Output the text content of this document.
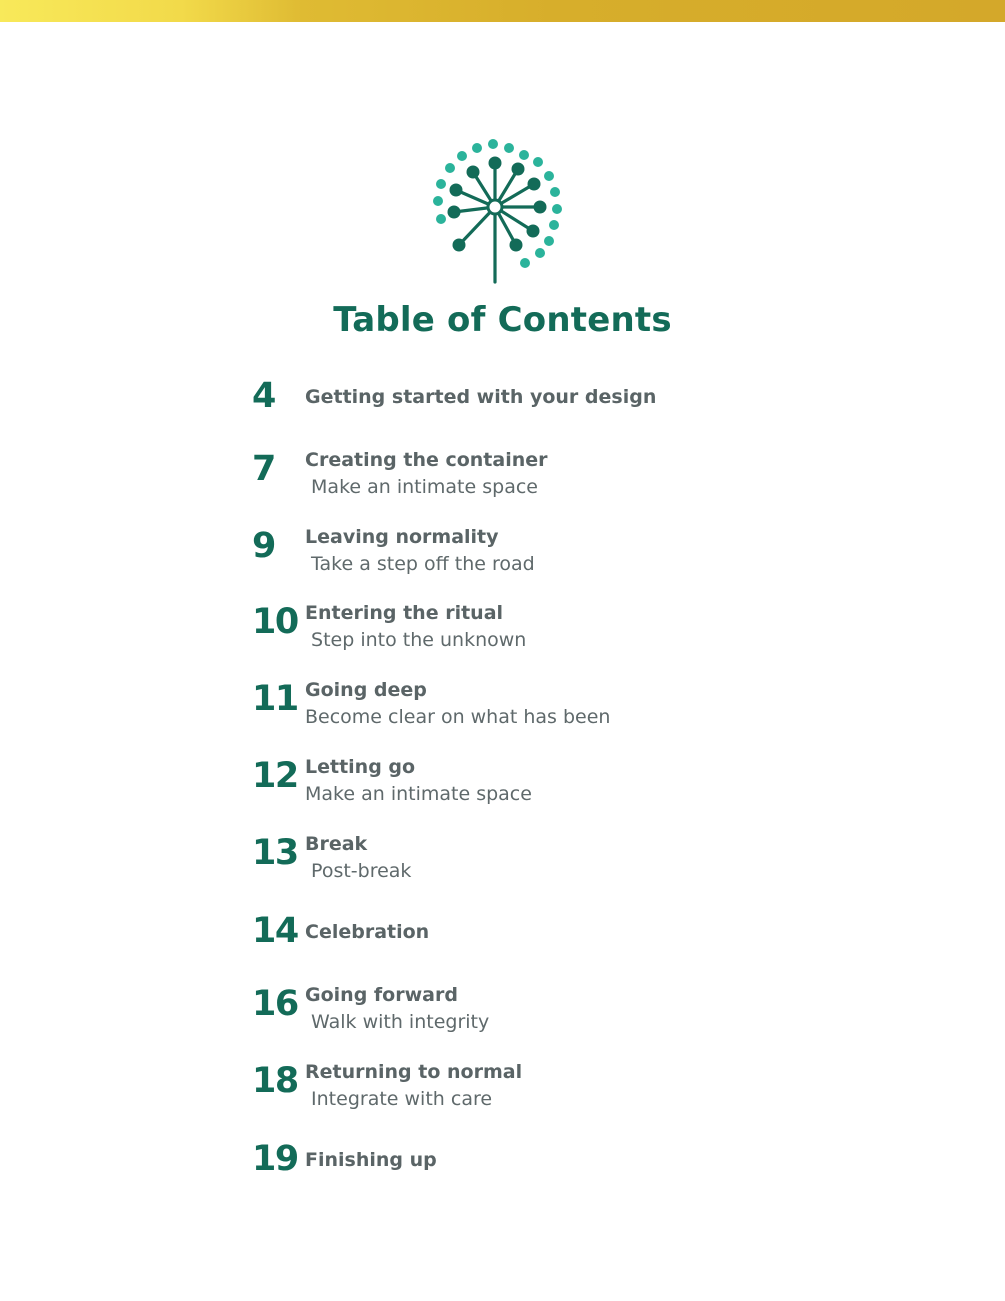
Table of Contents
4 Getting started with your design
7 Creating the container
Make an intimate space
9 Leaving normality
Take a step off the road
10 Entering the ritual
Step into the unknown
11 Going deep
Become clear on what has been
12 Letting go
Make an intimate space
13 Break
Post-break
14 Celebration
16 Going forward
Walk with integrity
18 Returning to normal
Integrate with care
19 Finishing up
